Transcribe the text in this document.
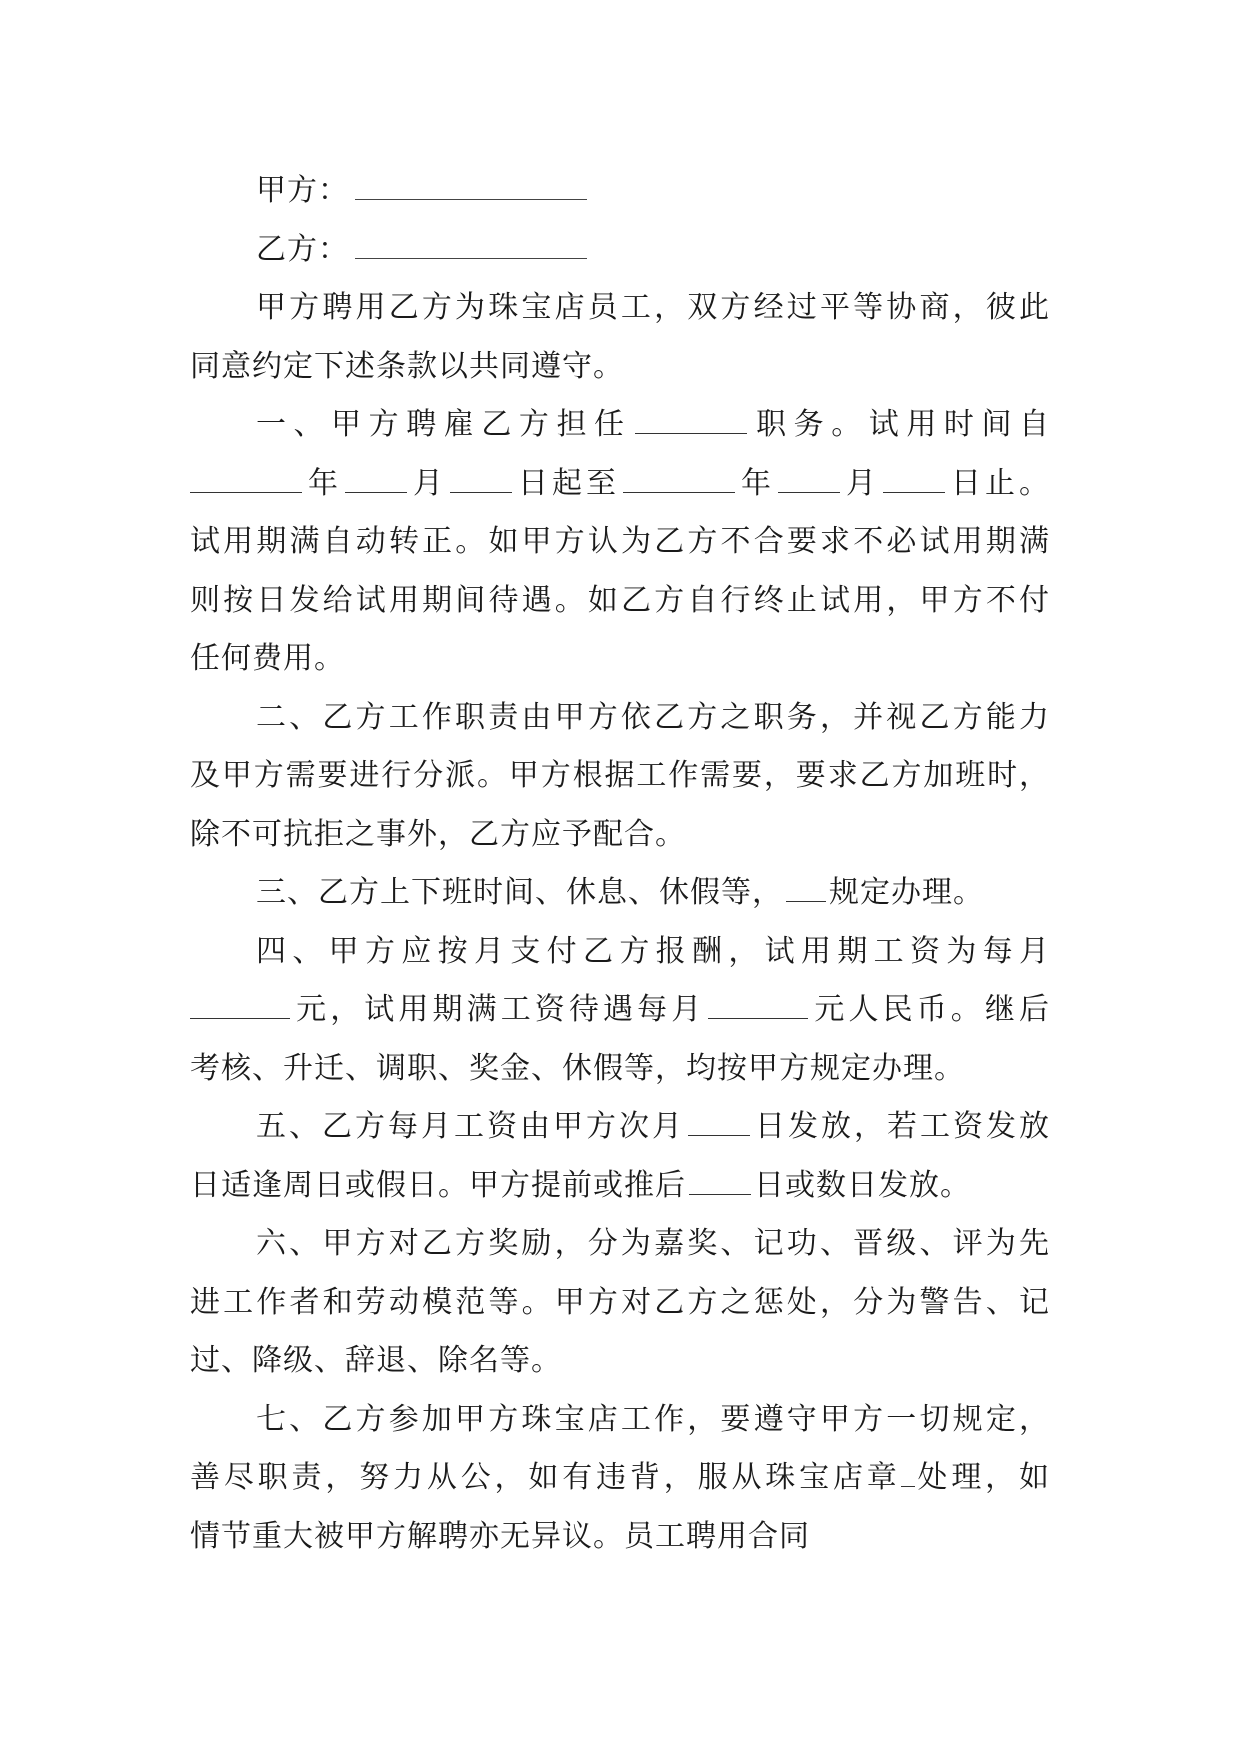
甲方：
乙方：
甲方聘用乙方为珠宝店员工，双方经过平等协商，彼此
同意约定下述条款以共同遵守。
一、甲方聘雇乙方担任	职务。试用时间自
年 月 日起至	年 月 日止。
试用期满自动转正。如甲方认为乙方不合要求不必试用期满
则按日发给试用期间待遇。如乙方自行终止试用，甲方不付
任何费用。
二、乙方工作职责由甲方依乙方之职务，并视乙方能力
及甲方需要进行分派。甲方根据工作需要，要求乙方加班时，
除不可抗拒之事外，乙方应予配合。
三、乙方上下班时间、休息、休假等， 规定办理。
四、甲方应按月支付乙方报酬，试用期工资为每月
元，试用期满工资待遇每月	元人民币。继后
考核、升迁、调职、奖金、休假等，均按甲方规定办理。
五、乙方每月工资由甲方次月 日发放，若工资发放
日适逢周日或假日。甲方提前或推后 日或数日发放。
六、甲方对乙方奖励，分为嘉奖、记功、晋级、评为先
进工作者和劳动模范等。甲方对乙方之惩处，分为警告、记
过、降级、辞退、除名等。
七、乙方参加甲方珠宝店工作，要遵守甲方一切规定，
善尽职责，努力从公，如有违背，服从珠宝店章 处理，如
情节重大被甲方解聘亦无异议。员工聘用合同
